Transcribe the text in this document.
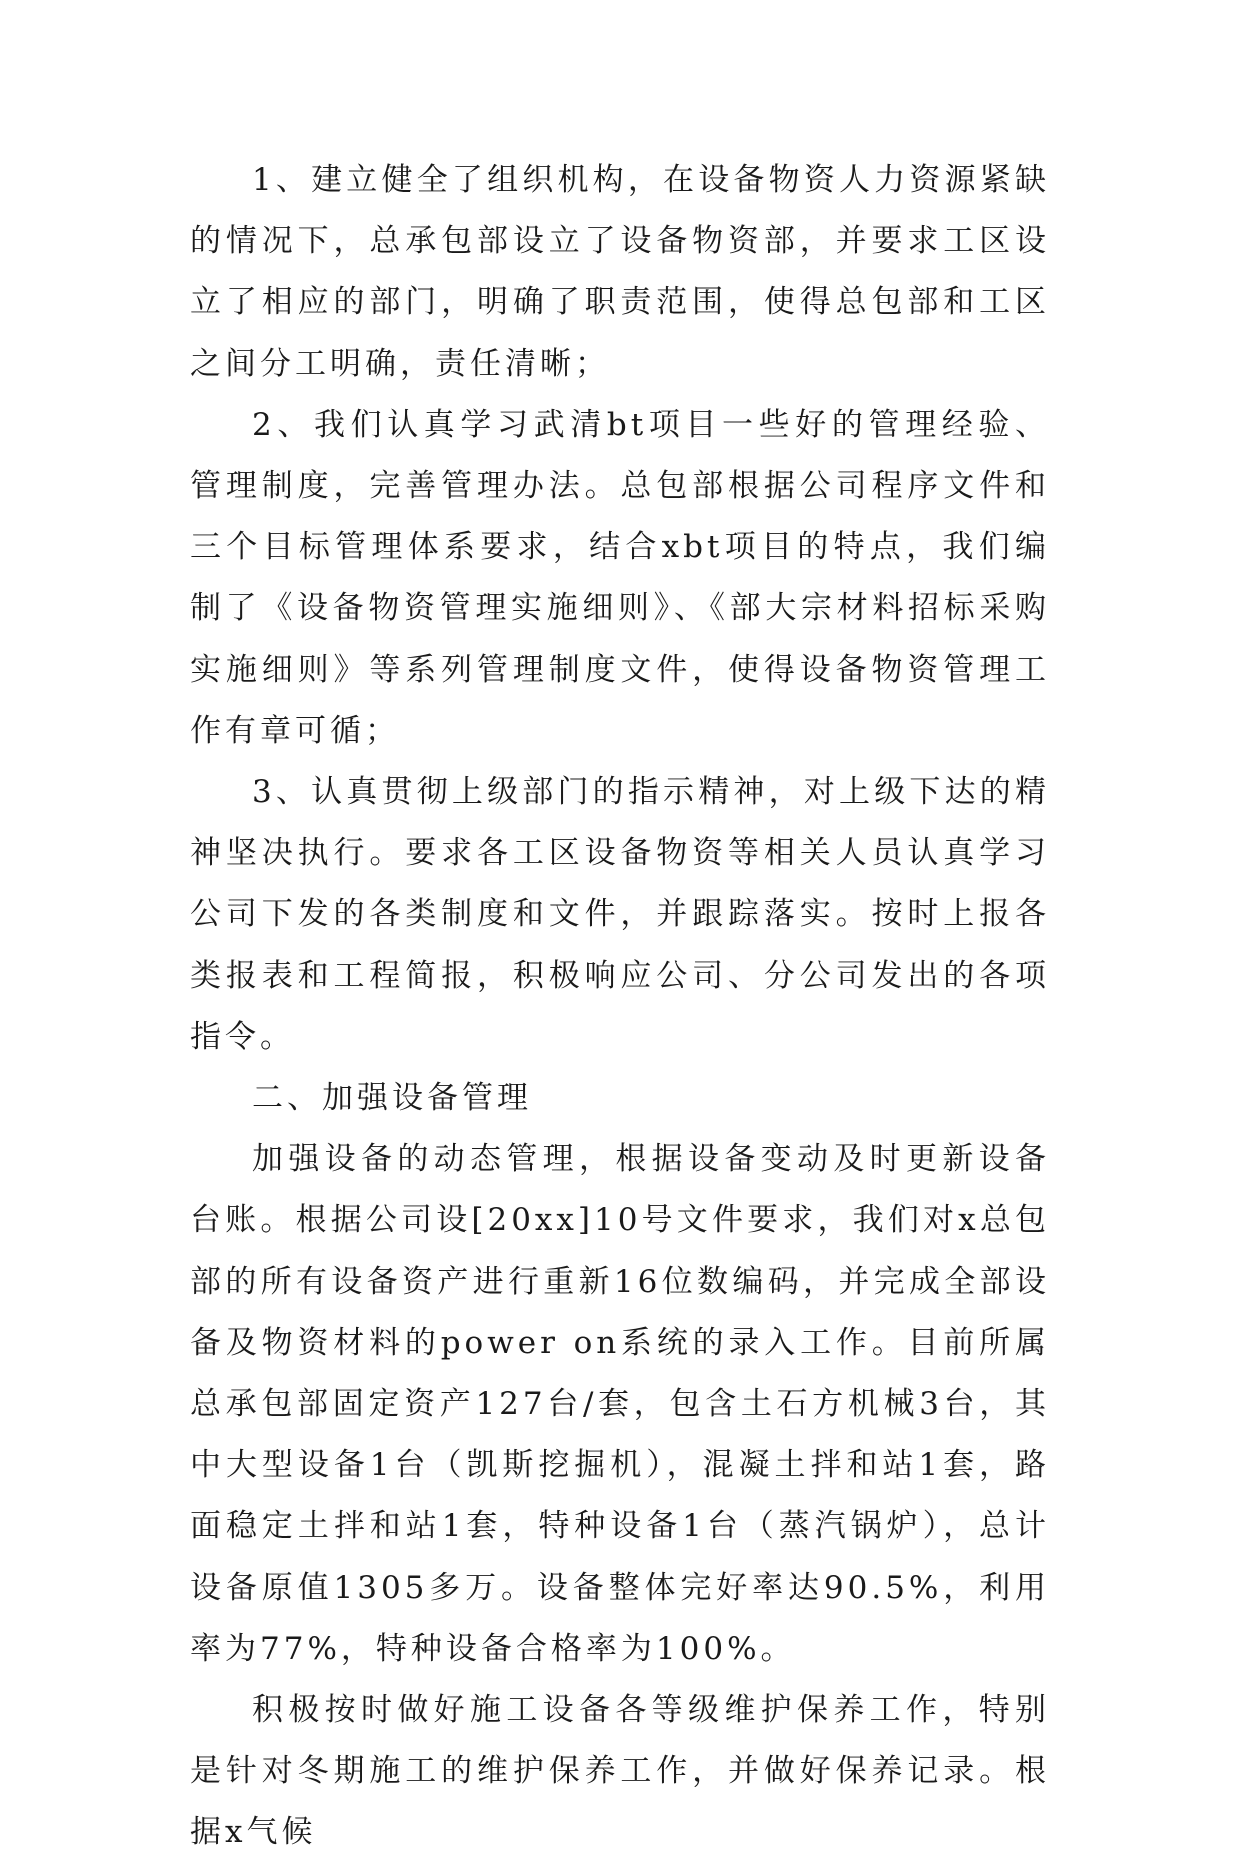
1、建立健全了组织机构，在设备物资人力资源紧缺的情况下，总承包部设立了设备物资部，并要求工区设立了相应的部门，明确了职责范围，使得总包部和工区之间分工明确，责任清晰；

2、我们认真学习武清bt项目一些好的管理经验、管理制度，完善管理办法。总包部根据公司程序文件和三个目标管理体系要求，结合xbt项目的特点，我们编制了《设备物资管理实施细则》、《部大宗材料招标采购实施细则》等系列管理制度文件，使得设备物资管理工作有章可循；

3、认真贯彻上级部门的指示精神，对上级下达的精神坚决执行。要求各工区设备物资等相关人员认真学习公司下发的各类制度和文件，并跟踪落实。按时上报各类报表和工程简报，积极响应公司、分公司发出的各项指令。

二、加强设备管理

加强设备的动态管理，根据设备变动及时更新设备台账。根据公司设[20xx]10号文件要求，我们对x总包部的所有设备资产进行重新16位数编码，并完成全部设备及物资材料的power on系统的录入工作。目前所属总承包部固定资产127台/套，包含土石方机械3台，其中大型设备1台（凯斯挖掘机），混凝土拌和站1套，路面稳定土拌和站1套，特种设备1台（蒸汽锅炉），总计设备原值1305多万。设备整体完好率达90.5%，利用率为77%，特种设备合格率为100%。

积极按时做好施工设备各等级维护保养工作，特别是针对冬期施工的维护保养工作，并做好保养记录。根据x气候
